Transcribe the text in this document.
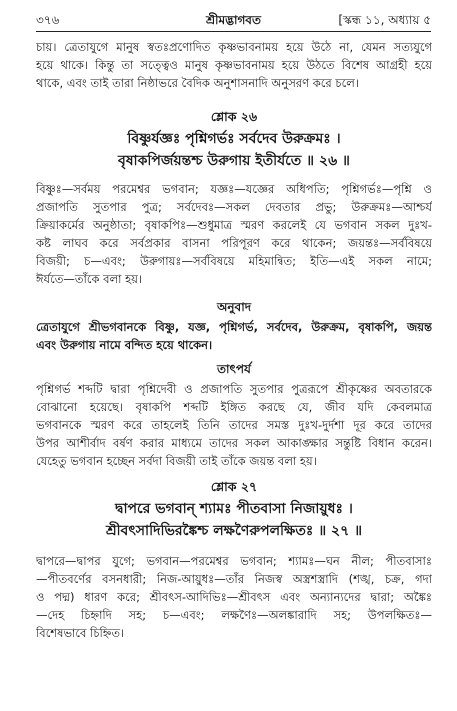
৩৭৬	শ্রীমদ্ভাগবত	[স্কন্ধ ১১, অধ্যায় ৫
চায়। ত্রেতাযুগে মানুষ স্বতঃপ্রণোদিত কৃষ্ণভাবনাময় হয়ে উঠে না, যেমন সত্যযুগে
হয়ে থাকে। কিন্তু তা সত্ত্বেও মানুষ কৃষ্ণভাবনাময় হয়ে উঠতে বিশেষ আগ্রহী হয়ে
থাকে, এবং তাই তারা নিষ্ঠাভরে বৈদিক অনুশাসনাদি অনুসরণ করে চলে।
শ্লোক ২৬
বিষ্ণুর্যজ্ঞঃ পৃশ্নিগর্ভঃ সর্বদেব উরুক্রমঃ ।
বৃষাকপির্জয়ন্তশ্চ উরুগায় ইতীর্যতে ॥ ২৬ ॥
বিষ্ণুঃ—সর্বময় পরমেশ্বর ভগবান; যজ্ঞঃ—যজ্ঞের অধিপতি; পৃশ্নিগর্ভঃ—পৃশ্নি ও
প্রজাপতি সুতপার পুত্র; সর্বদেবঃ—সকল দেবতার প্রভু; উরুক্রমঃ—আশ্চর্য
ক্রিয়াকর্মের অনুষ্ঠাতা; বৃষাকপিঃ—শুধুমাত্র স্মরণ করলেই যে ভগবান সকল দুঃখ-
কষ্ট লাঘব করে সর্বপ্রকার বাসনা পরিপূরণ করে থাকেন; জয়ন্তঃ—সর্ববিষয়ে
বিজয়ী; চ—এবং; উরুগায়ঃ—সর্ববিষয়ে মহিমান্বিত; ইতি—এই সকল নামে;
ঈর্যতে—তাঁকে বলা হয়।
অনুবাদ
ত্রেতাযুগে শ্রীভগবানকে বিষ্ণু, যজ্ঞ, পৃশ্নিগর্ভ, সর্বদেব, উরুক্রম, বৃষাকপি, জয়ন্ত
এবং উরুগায় নামে বন্দিত হয়ে থাকেন।
তাৎপর্য
পৃশ্নিগর্ভ শব্দটি দ্বারা পৃশ্নিদেবী ও প্রজাপতি সুতপার পুত্ররূপে শ্রীকৃষ্ণের অবতারকে
বোঝানো হয়েছে। বৃষাকপি শব্দটি ইঙ্গিত করছে যে, জীব যদি কেবলমাত্র
ভগবানকে স্মরণ করে তাহলেই তিনি তাদের সমস্ত দুঃখ-দুর্দশা দূর করে তাদের
উপর আশীর্বাদ বর্ষণ করার মাধ্যমে তাদের সকল আকাঙ্ক্ষার সন্তুষ্টি বিধান করেন।
যেহেতু ভগবান হচ্ছেন সর্বদা বিজয়ী তাই তাঁকে জয়ন্ত বলা হয়।
শ্লোক ২৭
দ্বাপরে ভগবান্ শ্যামঃ পীতবাসা নিজায়ুধঃ ।
শ্রীবৎসাদিভিরঙ্কৈশ্চ লক্ষণৈরুপলক্ষিতঃ ॥ ২৭ ॥
দ্বাপরে—দ্বাপর যুগে; ভগবান—পরমেশ্বর ভগবান; শ্যামঃ—ঘন নীল; পীতবাসাঃ
—পীতবর্ণের বসনধারী; নিজ-আয়ুধঃ—তাঁর নিজস্ব অস্ত্রশস্ত্রাদি (শঙ্খ, চক্র, গদা
ও পদ্ম) ধারণ করে; শ্রীবৎস-আদিভিঃ—শ্রীবৎস এবং অন্যান্যদের দ্বারা; অঙ্কৈঃ
—দেহ চিহ্নাদি সহ; চ—এবং; লক্ষণৈঃ—অলঙ্কারাদি সহ; উপলক্ষিতঃ—
বিশেষভাবে চিহ্নিত।
